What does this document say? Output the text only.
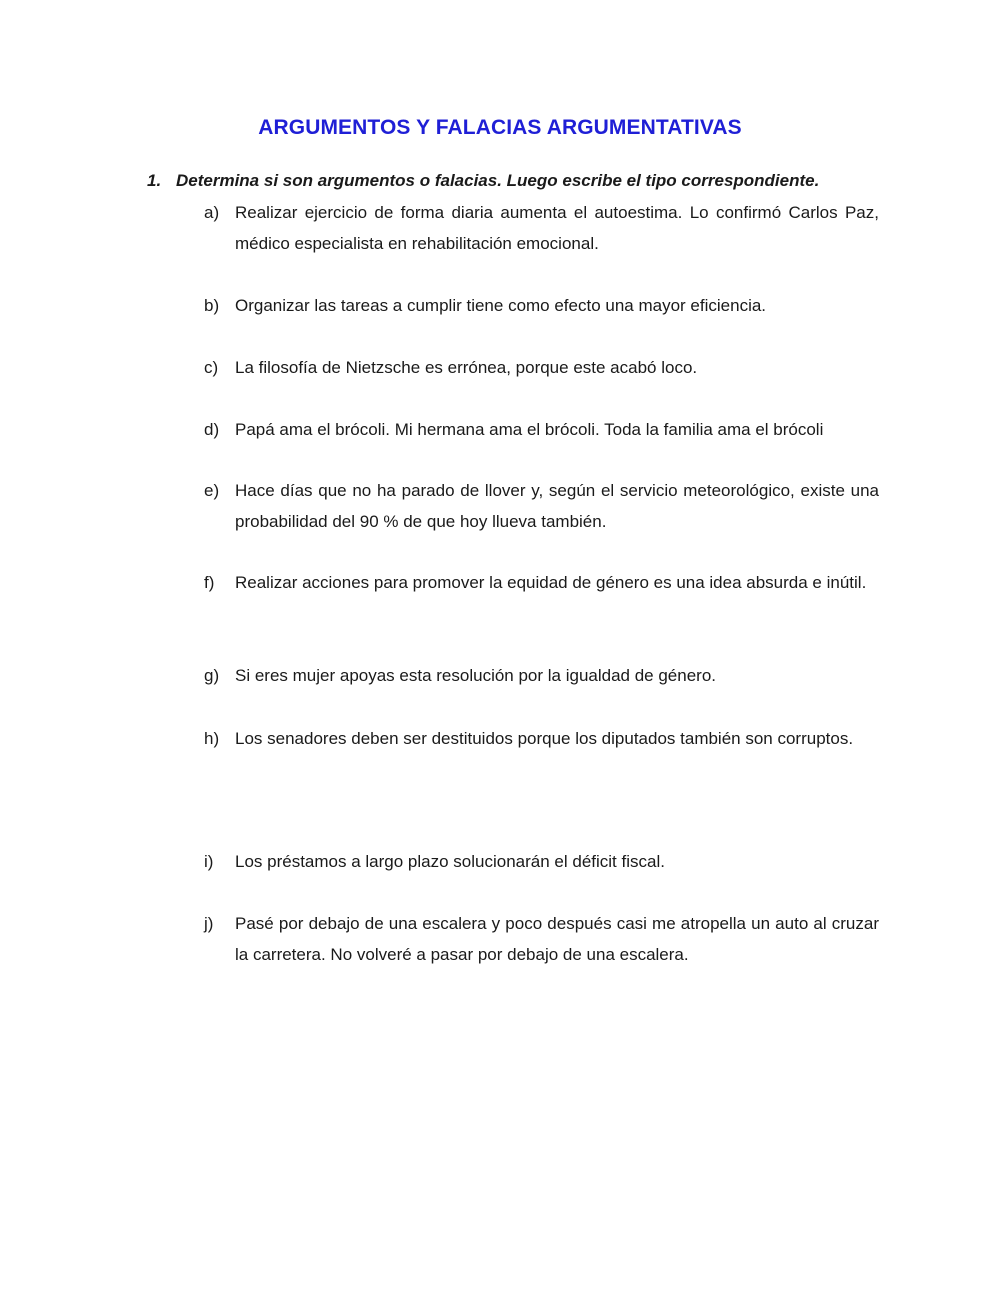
ARGUMENTOS Y FALACIAS ARGUMENTATIVAS
1. Determina si son argumentos o falacias. Luego escribe el tipo correspondiente.
a) Realizar ejercicio de forma diaria aumenta el autoestima. Lo confirmó Carlos Paz, médico especialista en rehabilitación emocional.
b) Organizar las tareas a cumplir tiene como efecto una mayor eficiencia.
c) La filosofía de Nietzsche es errónea, porque este acabó loco.
d) Papá ama el brócoli. Mi hermana ama el brócoli. Toda la familia ama el brócoli
e) Hace días que no ha parado de llover y, según el servicio meteorológico, existe una probabilidad del 90 % de que hoy llueva también.
f)	Realizar acciones para promover la equidad de género es una idea absurda e inútil.
g) Si eres mujer apoyas esta resolución por la igualdad de género.
h) Los senadores deben ser destituidos porque los diputados también son corruptos.
i)	Los préstamos a largo plazo solucionarán el déficit fiscal.
j)	Pasé por debajo de una escalera y poco después casi me atropella un auto al cruzar la carretera. No volveré a pasar por debajo de una escalera.
